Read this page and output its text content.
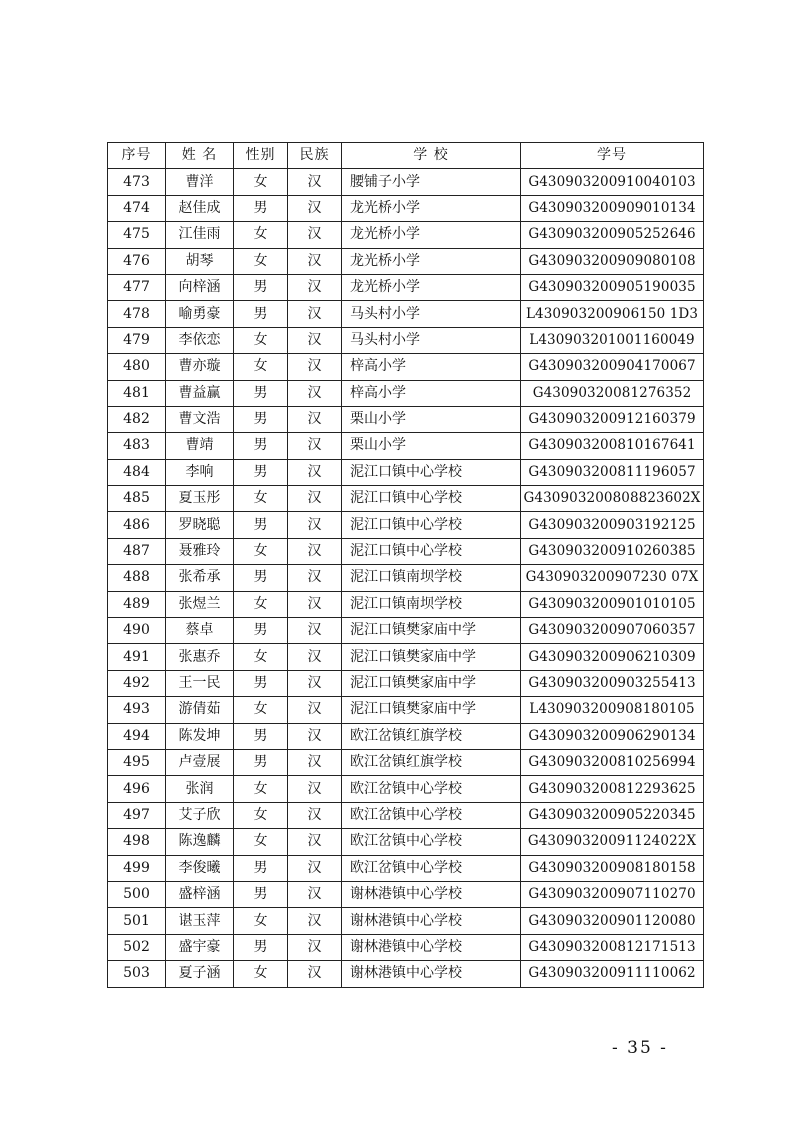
序号	姓 名	性别	民族	学 校	学号
473	曹洋	女	汉	腰铺子小学	G430903200910040103
474	赵佳成	男	汉	龙光桥小学	G430903200909010134
475	江佳雨	女	汉	龙光桥小学	G430903200905252646
476	胡琴	女	汉	龙光桥小学	G430903200909080108
477	向梓涵	男	汉	龙光桥小学	G430903200905190035
478	喻勇豪	男	汉	马头村小学	L430903200906150 1D3
479	李依恋	女	汉	马头村小学	L430903201001160049
480	曹亦璇	女	汉	梓高小学	G430903200904170067
481	曹益赢	男	汉	梓高小学	G43090320081276352
482	曹文浩	男	汉	栗山小学	G430903200912160379
483	曹靖	男	汉	栗山小学	G430903200810167641
484	李响	男	汉	泥江口镇中心学校	G430903200811196057
485	夏玉彤	女	汉	泥江口镇中心学校	G430903200808823602X
486	罗晓聪	男	汉	泥江口镇中心学校	G430903200903192125
487	聂雅玲	女	汉	泥江口镇中心学校	G430903200910260385
488	张希承	男	汉	泥江口镇南坝学校	G430903200907230 07X
489	张煜兰	女	汉	泥江口镇南坝学校	G430903200901010105
490	蔡卓	男	汉	泥江口镇樊家庙中学	G430903200907060357
491	张惠乔	女	汉	泥江口镇樊家庙中学	G430903200906210309
492	王一民	男	汉	泥江口镇樊家庙中学	G430903200903255413
493	游倩茹	女	汉	泥江口镇樊家庙中学	L430903200908180105
494	陈发坤	男	汉	欧江岔镇红旗学校	G430903200906290134
495	卢壹展	男	汉	欧江岔镇红旗学校	G430903200810256994
496	张润	女	汉	欧江岔镇中心学校	G430903200812293625
497	艾子欣	女	汉	欧江岔镇中心学校	G430903200905220345
498	陈逸麟	女	汉	欧江岔镇中心学校	G43090320091124022X
499	李俊曦	男	汉	欧江岔镇中心学校	G430903200908180158
500	盛梓涵	男	汉	谢林港镇中心学校	G430903200907110270
501	谌玉萍	女	汉	谢林港镇中心学校	G430903200901120080
502	盛宇豪	男	汉	谢林港镇中心学校	G430903200812171513
503	夏子涵	女	汉	谢林港镇中心学校	G430903200911110062
- 35 -
